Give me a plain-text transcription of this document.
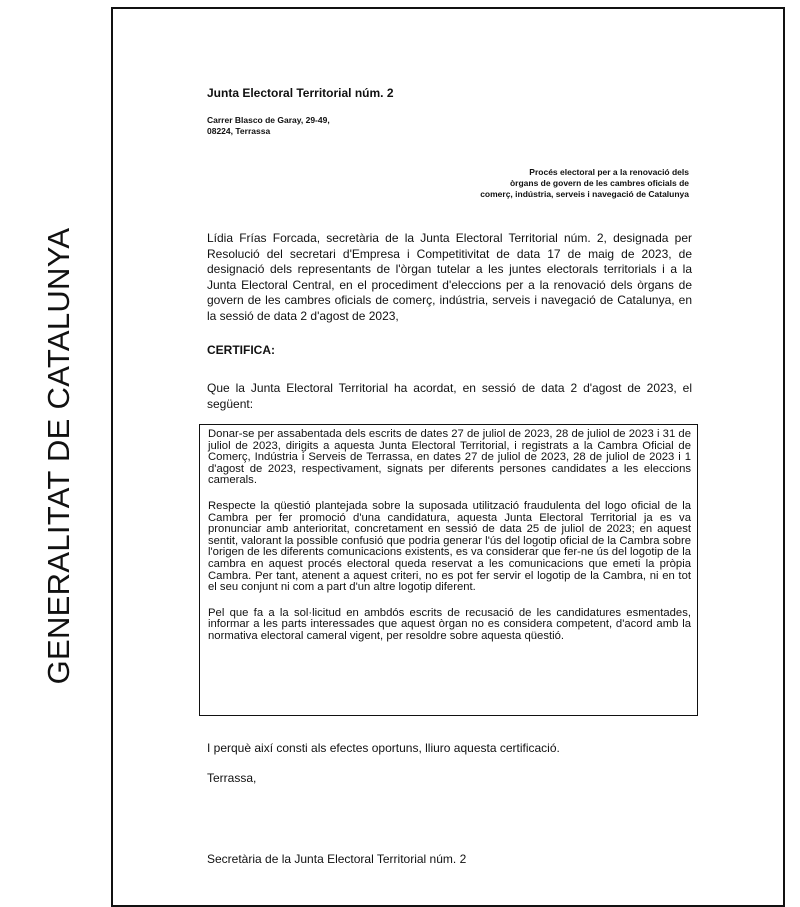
GENERALITAT DE CATALUNYA
Junta Electoral Territorial núm. 2
Carrer Blasco de Garay, 29-49,
08224, Terrassa
Procés electoral per a la renovació dels
òrgans de govern de les cambres oficials de
comerç, indústria, serveis i navegació de Catalunya
Lídia Frías Forcada, secretària de la Junta Electoral Territorial núm. 2, designada per Resolució del secretari d'Empresa i Competitivitat de data 17 de maig de 2023, de designació dels representants de l'òrgan tutelar a les juntes electorals territorials i a la Junta Electoral Central, en el procediment d'eleccions per a la renovació dels òrgans de govern de les cambres oficials de comerç, indústria, serveis i navegació de Catalunya, en la sessió de data 2 d'agost de 2023,
CERTIFICA:
Que la Junta Electoral Territorial ha acordat, en sessió de data 2 d'agost de 2023, el següent:

Donar-se per assabentada dels escrits de dates 27 de juliol de 2023, 28 de juliol de 2023 i 31 de juliol de 2023, dirigits a aquesta Junta Electoral Territorial, i registrats a la Cambra Oficial de Comerç, Indústria i Serveis de Terrassa, en dates 27 de juliol de 2023, 28 de juliol de 2023 i 1 d'agost de 2023, respectivament, signats per diferents persones candidates a les eleccions camerals.

Respecte la qüestió plantejada sobre la suposada utilització fraudulenta del logo oficial de la Cambra per fer promoció d'una candidatura, aquesta Junta Electoral Territorial ja es va pronunciar amb anterioritat, concretament en sessió de data 25 de juliol de 2023; en aquest sentit, valorant la possible confusió que podria generar l'ús del logotip oficial de la Cambra sobre l'origen de les diferents comunicacions existents, es va considerar que fer-ne ús del logotip de la cambra en aquest procés electoral queda reservat a les comunicacions que emeti la pròpia Cambra. Per tant, atenent a aquest criteri, no es pot fer servir el logotip de la Cambra, ni en tot el seu conjunt ni com a part d'un altre logotip diferent.

Pel que fa a la sol·licitud en ambdós escrits de recusació de les candidatures esmentades, informar a les parts interessades que aquest òrgan no es considera competent, d'acord amb la normativa electoral cameral vigent, per resoldre sobre aquesta qüestió.

I perquè així consti als efectes oportuns, lliuro aquesta certificació.
Terrassa,
Secretària de la Junta Electoral Territorial núm. 2
